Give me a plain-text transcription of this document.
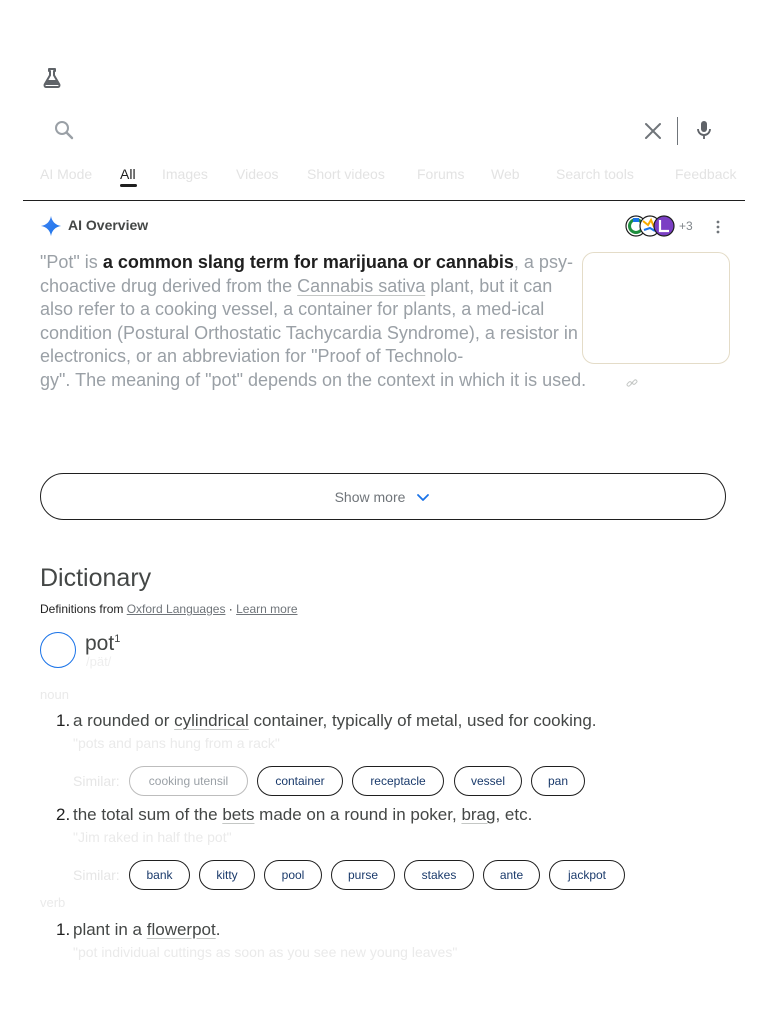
AI Mode All Images Videos Short videos Forums Web	Search tools	Feedback
AI Overview	+3

"Pot" is a common slang term for marijuana or cannabis, a psy-choactive drug derived from the Cannabis sativa plant, but it can also refer to a cooking vessel, a container for plants, a med-ical condition (Postural Orthostatic Tachycardia Syndrome), a resistor in electronics, or an abbreviation for "Proof of Technolo-

gy". The meaning of "pot" depends on the context in which it is used.
Show more
Dictionary
Definitions from Oxford Languages · Learn more
pot$^1$
/pät/
noun
1. a rounded or cylindrical container, typically of metal, used for cooking.
"pots and pans hung from a rack"
Similar:	cooking utensil	container	receptacle	vessel	pan
2. the total sum of the bets made on a round in poker, brag, etc.
"Jim raked in half the pot"
Similar:	bank	kitty	pool	purse	stakes	ante	jackpot
verb
1. plant in a flowerpot.
"pot individual cuttings as soon as you see new young leaves"
